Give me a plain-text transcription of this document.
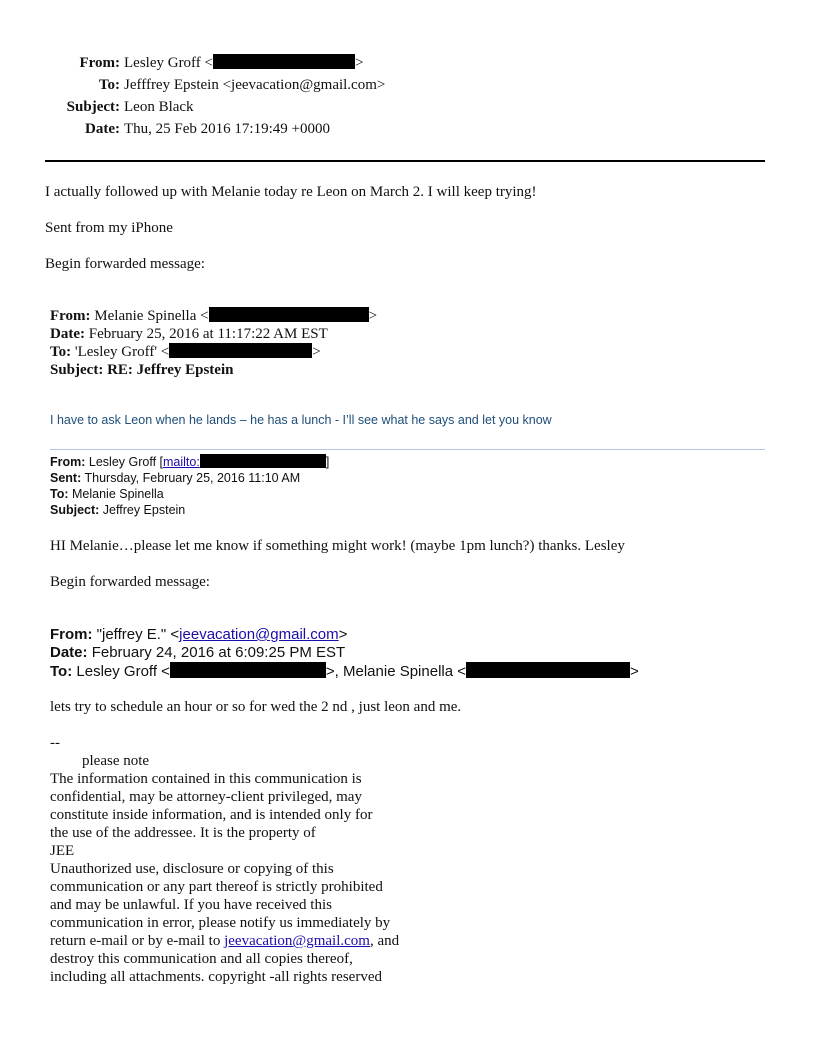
From: Lesley Groff <	>
To: Jefffrey Epstein <jeevacation@gmail.com>
Subject: Leon Black
Date: Thu, 25 Feb 2016 17:19:49 +0000
I actually followed up with Melanie today re Leon on March 2. I will keep trying!
Sent from my iPhone
Begin forwarded message:
From: Melanie Spinella <	>
Date: February 25, 2016 at 11:17:22 AM EST
To: 'Lesley Groff' <	>
Subject: RE: Jeffrey Epstein
I have to ask Leon when he lands – he has a lunch - I’ll see what he says and let you know
From: Lesley Groff [mailto:	]
Sent: Thursday, February 25, 2016 11:10 AM
To: Melanie Spinella
Subject: Jeffrey Epstein
HI Melanie…please let me know if something might work! (maybe 1pm lunch?) thanks. Lesley
Begin forwarded message:
From: "jeffrey E." <jeevacation@gmail.com>
Date: February 24, 2016 at 6:09:25 PM EST
To: Lesley Groff <	>, Melanie Spinella <	>
lets try to schedule an hour or so for wed the 2 nd , just leon and me.
--
please note
The information contained in this communication is
confidential, may be attorney-client privileged, may
constitute inside information, and is intended only for
the use of the addressee. It is the property of
JEE
Unauthorized use, disclosure or copying of this
communication or any part thereof is strictly prohibited
and may be unlawful. If you have received this
communication in error, please notify us immediately by
return e-mail or by e-mail to jeevacation@gmail.com, and
destroy this communication and all copies thereof,
including all attachments. copyright -all rights reserved
